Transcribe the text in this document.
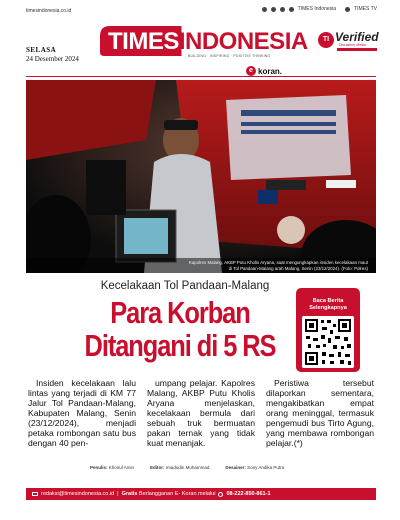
timesindonesia.co.id	TIMES Indonesia	TIMES TV
SELASA
24 Desember 2024
TIMESINDONESIA
BUILDING · INSPIRING · POSITIVE THINKING
e koran.
TI Verified
Disclaimer Media
Kapolres Malang, AKBP Putu Kholis Aryana, saat mengungkapkan insiden kecelakaan maut
di Tol Pandaan-Malang arah Malang, Senin (23/12/2024). (Foto: Polres)
Kecelakaan Tol Pandaan-Malang
Para Korban
Ditangani di 5 RS
Baca Berita Selengkapnya

Insiden kecelakaan lalu lintas yang terjadi di KM 77 Jalur Tol Pandaan-Malang, Kabupaten Malang, Senin (23/12/2024), menjadi petaka rombongan satu bus dengan 40 pen-

umpang pelajar. Kapolres Malang, AKBP Putu Kholis Aryana menjelaskan, kecelakaan bermula dari sebuah truk bermuatan pakan ternak yang tidak kuat menanjak.

Peristiwa tersebut dilaporkan sementara, mengakibatkan empat orang meninggal, termasuk pengemudi bus Tirto Agung, yang membawa rombongan pelajar.(*)

Penulis: Khoirul Amin	Editor: Imadudin Muhammad	Desainer: Sony Andika Putra
redaksi@timesindonesia.co.id | Gratis
Berlangganan E- Koran melalui 08-222-850-861-1
